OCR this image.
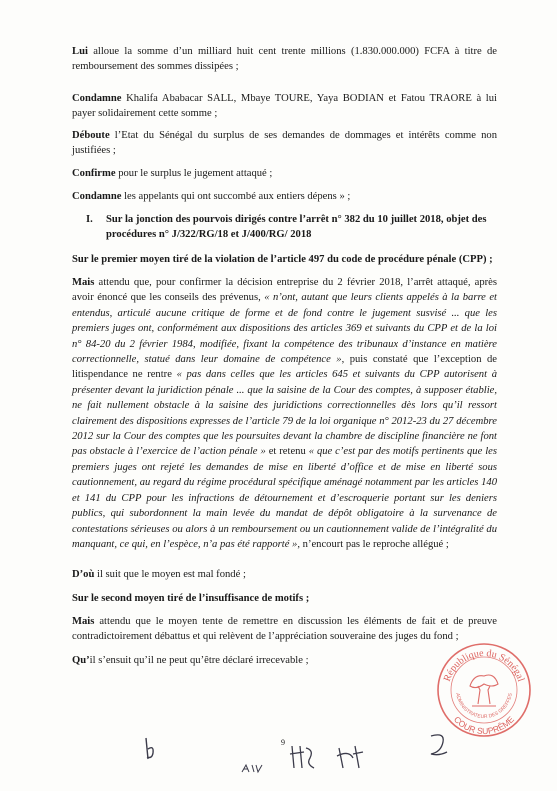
Lui alloue la somme d’un milliard huit cent trente millions (1.830.000.000) FCFA à titre de remboursement des sommes dissipées ;

Condamne Khalifa Ababacar SALL, Mbaye TOURE, Yaya BODIAN et Fatou TRAORE à lui payer solidairement cette somme ;

Déboute l’Etat du Sénégal du surplus de ses demandes de dommages et intérêts comme non justifiées ;

Confirme pour le surplus le jugement attaqué ;

Condamne les appelants qui ont succombé aux entiers dépens » ;

I.	Sur la jonction des pourvois dirigés contre l’arrêt n° 382 du 10 juillet 2018, objet des procédures n° J/322/RG/18 et J/400/RG/ 2018
Sur le premier moyen tiré de la violation de l’article 497 du code de procédure pénale (CPP) ;

Mais attendu que, pour confirmer la décision entreprise du 2 février 2018, l’arrêt attaqué, après avoir énoncé que les conseils des prévenus, « n’ont, autant que leurs clients appelés à la barre et entendus, articulé aucune critique de forme et de fond contre le jugement susvisé ... que les premiers juges ont, conformément aux dispositions des articles 369 et suivants du CPP et de la loi n° 84-20 du 2 février 1984, modifiée, fixant la compétence des tribunaux d’instance en matière correctionnelle, statué dans leur domaine de compétence », puis constaté que l’exception de litispendance ne rentre « pas dans celles que les articles 645 et suivants du CPP autorisent à présenter devant la juridiction pénale ... que la saisine de la Cour des comptes, à supposer établie, ne fait nullement obstacle à la saisine des juridictions correctionnelles dès lors qu’il ressort clairement des dispositions expresses de l’article 79 de la loi organique n° 2012-23 du 27 décembre 2012 sur la Cour des comptes que les poursuites devant la chambre de discipline financière ne font pas obstacle à l’exercice de l’action pénale » et retenu « que c’est par des motifs pertinents que les premiers juges ont rejeté les demandes de mise en liberté d’office et de mise en liberté sous cautionnement, au regard du régime procédural spécifique aménagé notamment par les articles 140 et 141 du CPP pour les infractions de détournement et d’escroquerie portant sur les deniers publics, qui subordonnent la main levée du mandat de dépôt obligatoire à la survenance de contestations sérieuses ou alors à un remboursement ou un cautionnement valide de l’intégralité du manquant, ce qui, en l’espèce, n’a pas été rapporté », n’encourt pas le reproche allégué ;

D’où il suit que le moyen est mal fondé ;

Sur le second moyen tiré de l’insuffisance de motifs ;

Mais attendu que le moyen tente de remettre en discussion les éléments de fait et de preuve contradictoirement débattus et qui relèvent de l’appréciation souveraine des juges du fond ;

Qu’il s’ensuit qu’il ne peut qu’être déclaré irrecevable ;

République du Sénégal
ADMINISTRATEUR DES GREFFES
COUR SUPRÊME
9
